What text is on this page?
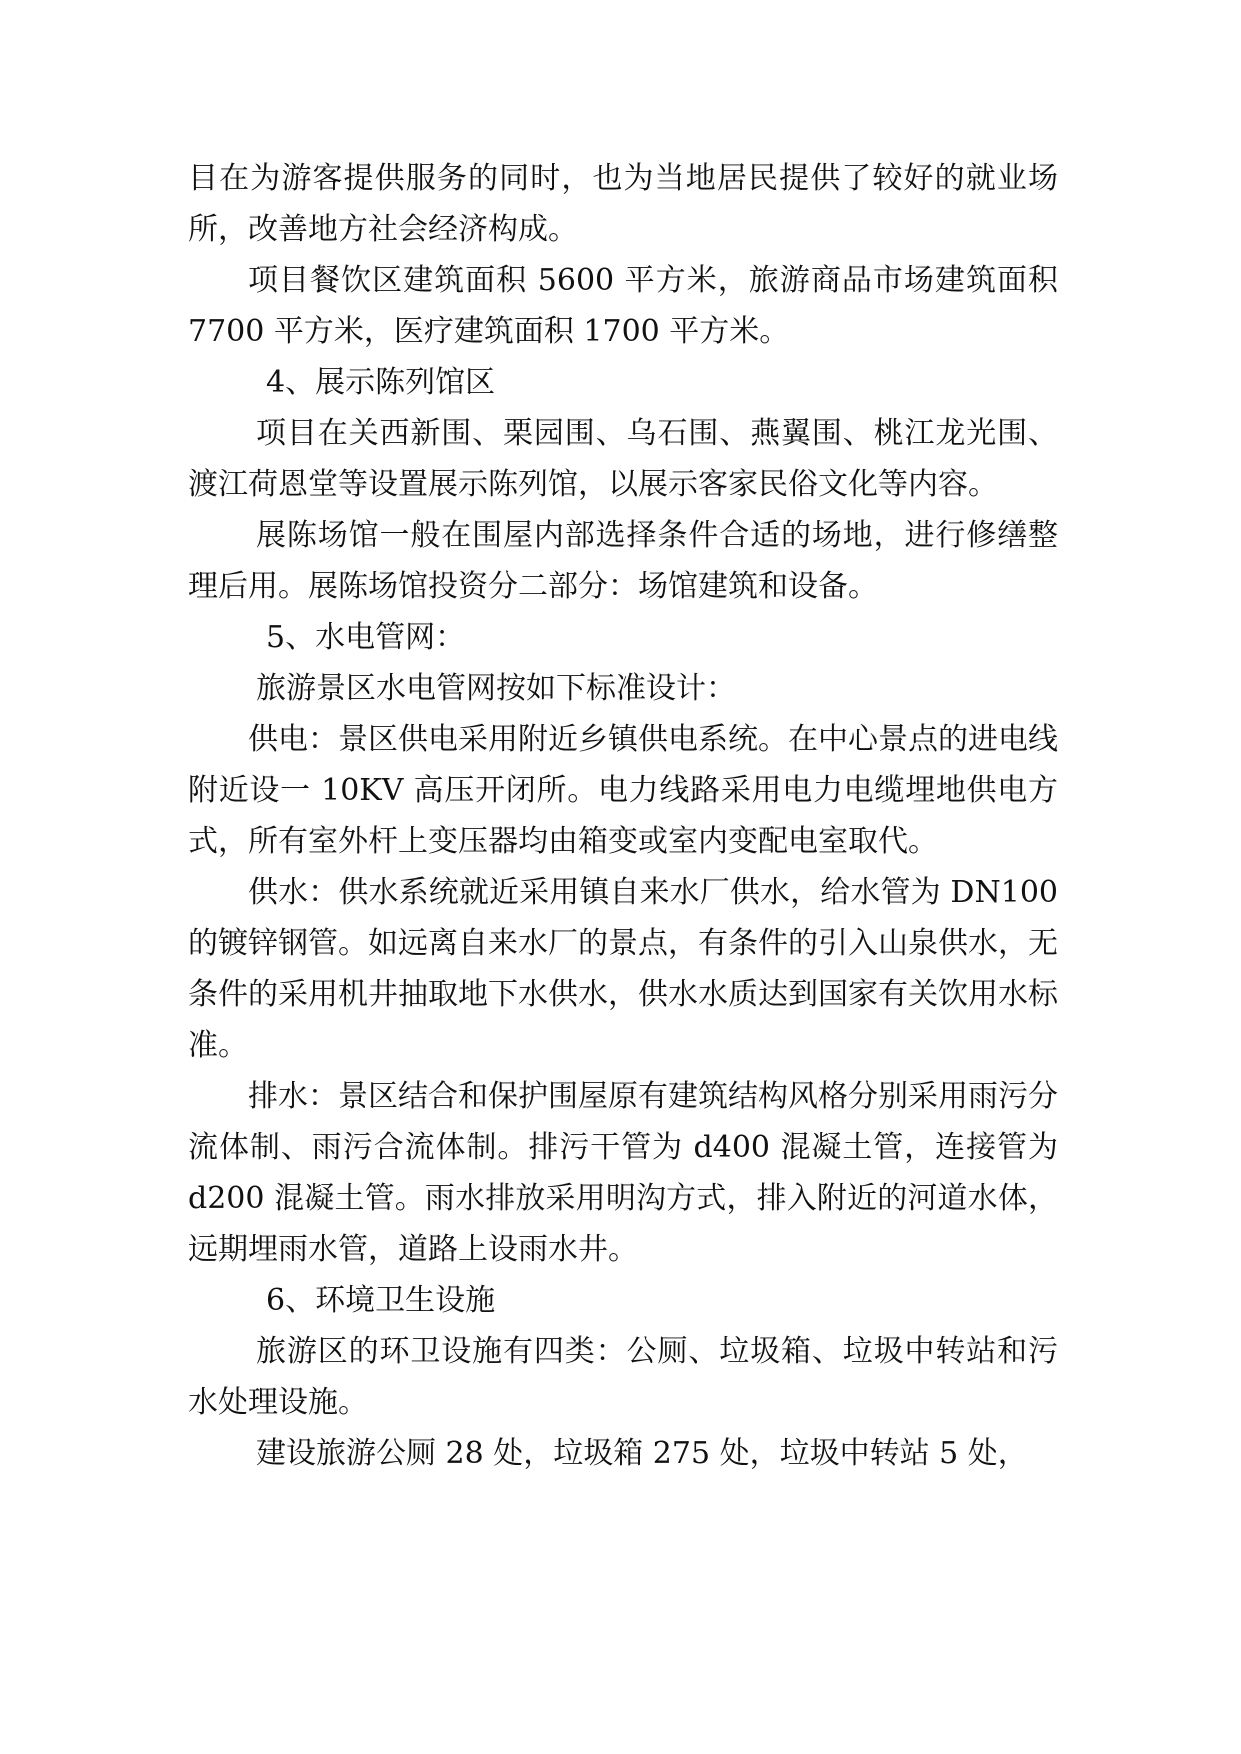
目在为游客提供服务的同时，也为当地居民提供了较好的就业场所，改善地方社会经济构成。

项目餐饮区建筑面积 5600 平方米，旅游商品市场建筑面积 7700 平方米，医疗建筑面积 1700 平方米。

4、展示陈列馆区

项目在关西新围、栗园围、乌石围、燕翼围、桃江龙光围、渡江荷恩堂等设置展示陈列馆，以展示客家民俗文化等内容。

展陈场馆一般在围屋内部选择条件合适的场地，进行修缮整理后用。展陈场馆投资分二部分：场馆建筑和设备。

5、水电管网：

旅游景区水电管网按如下标准设计：

供电：景区供电采用附近乡镇供电系统。在中心景点的进电线附近设一 10KV 高压开闭所。电力线路采用电力电缆埋地供电方式，所有室外杆上变压器均由箱变或室内变配电室取代。

供水：供水系统就近采用镇自来水厂供水，给水管为 DN100 的镀锌钢管。如远离自来水厂的景点，有条件的引入山泉供水，无条件的采用机井抽取地下水供水，供水水质达到国家有关饮用水标准。

排水：景区结合和保护围屋原有建筑结构风格分别采用雨污分流体制、雨污合流体制。排污干管为 d400 混凝土管，连接管为 d200 混凝土管。雨水排放采用明沟方式，排入附近的河道水体，远期埋雨水管，道路上设雨水井。

6、环境卫生设施

旅游区的环卫设施有四类：公厕、垃圾箱、垃圾中转站和污水处理设施。

建设旅游公厕 28 处，垃圾箱 275 处，垃圾中转站 5 处，
